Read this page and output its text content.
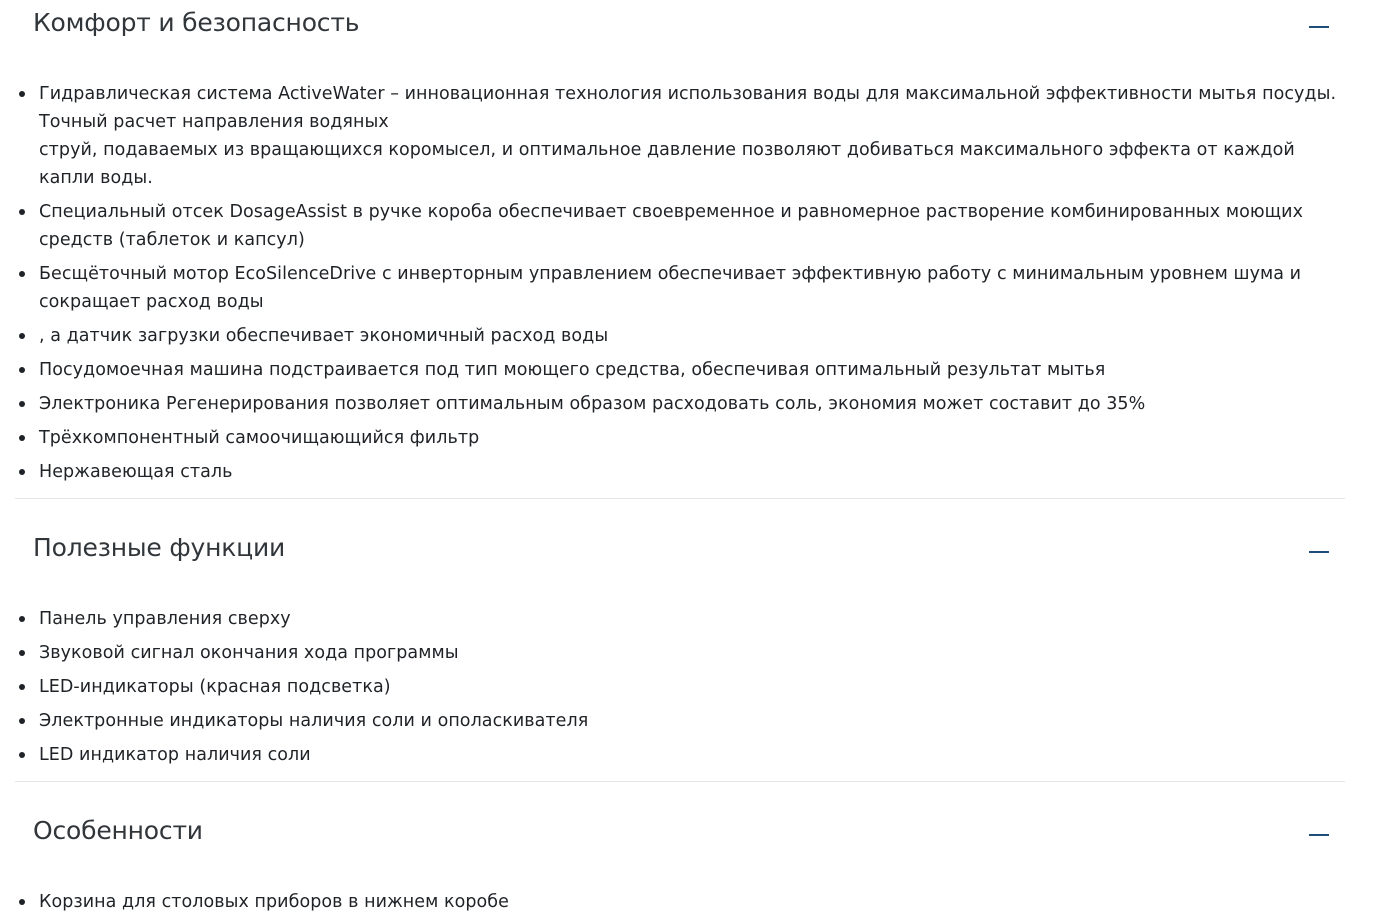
Комфорт и безопасность
Гидравлическая система ActiveWater – инновационная технология использования воды для максимальной эффективности мытья посуды. Точный расчет направления водяных
струй, подаваемых из вращающихся коромысел, и оптимальное давление позволяют добиваться максимального эффекта от каждой капли воды.
Специальный отсек DosageAssist в ручке короба обеспечивает своевременное и равномерное растворение комбинированных моющих средств (таблеток и капсул)
Бесщёточный мотор EcoSilenceDrive с инверторным управлением обеспечивает эффективную работу с минимальным уровнем шума и сокращает расход воды
, а датчик загрузки обеспечивает экономичный расход воды
Посудомоечная машина подстраивается под тип моющего средства, обеспечивая оптимальный результат мытья
Электроника Регенерирования позволяет оптимальным образом расходовать соль, экономия может составит до 35%
Трёхкомпонентный самоочищающийся фильтр
Нержавеющая сталь
Полезные функции
Панель управления сверху
Звуковой сигнал окончания хода программы
LED-индикаторы (красная подсветка)
Электронные индикаторы наличия соли и ополаскивателя
LED индикатор наличия соли
Особенности
Корзина для столовых приборов в нижнем коробе
